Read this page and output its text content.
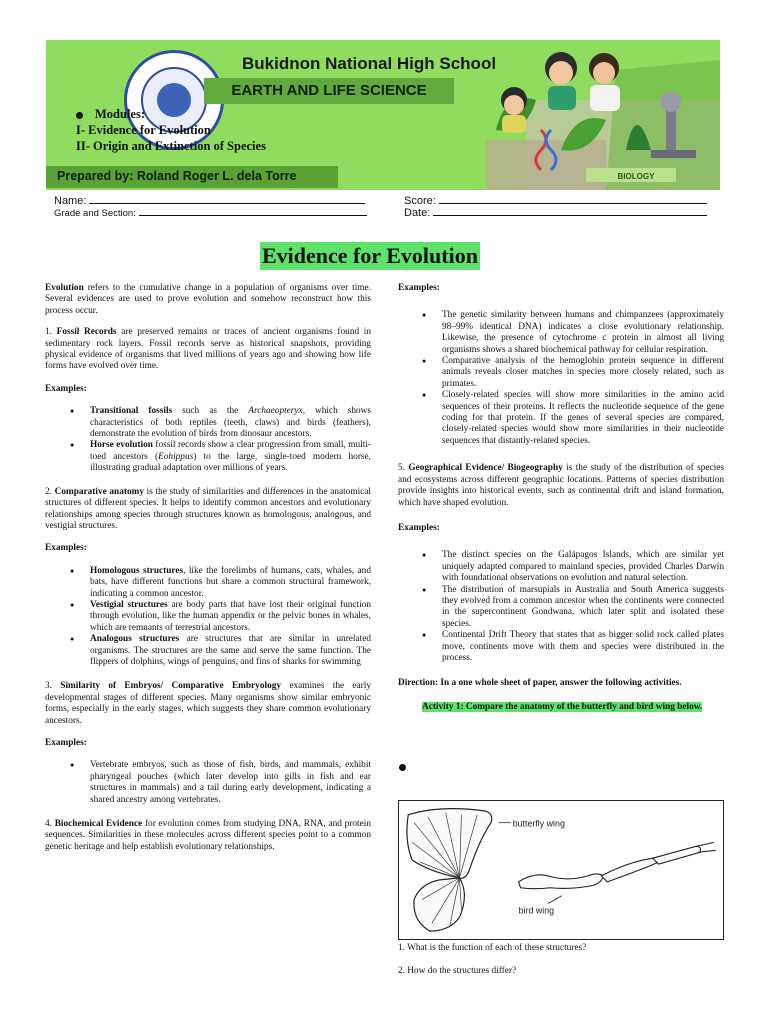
Bukidnon National High School
EARTH AND LIFE SCIENCE
Modules:
I- Evidence for Evolution
II- Origin and Extinction of Species
Prepared by: Roland Roger L. dela Torre	BIOLOGY
Name:
Grade and Section:
Score:
Date:
Evidence for Evolution

Evolution refers to the cumulative change in a population of organisms over time. Several evidences are used to prove evolution and somehow reconstruct how this process occur.

1. Fossil Records are preserved remains or traces of ancient organisms found in sedimentary rock layers. Fossil records serve as historical snapshots, providing physical evidence of organisms that lived millions of years ago and showing how life forms have evolved over time.

Examples:

● Transitional fossils such as the Archaeopteryx, which shows characteristics of both reptiles (teeth, claws) and birds (feathers), demonstrate the evolution of birds from dinosaur ancestors.
● Horse evolution fossil records show a clear progression from small, multi-toed ancestors (Eohippus) to the large, single-toed modern horse, illustrating gradual adaptation over millions of years.

2. Comparative anatomy is the study of similarities and differences in the anatomical structures of different species. It helps to identify common ancestors and evolutionary relationships among species through structures known as homologous, analogous, and vestigial structures.

Examples:

● Homologous structures, like the forelimbs of humans, cats, whales, and bats, have different functions but share a common structural framework, indicating a common ancestor.
● Vestigial structures are body parts that have lost their original function through evolution, like the human appendix or the pelvic bones in whales, which are remnants of terrestrial ancestors.
● Analogous structures are structures that are similar in unrelated organisms. The structures are the same and serve the same function. The flippers of dolphins, wings of penguins, and fins of sharks for swimming

3. Similarity of Embryos/ Comparative Embryology examines the early developmental stages of different species. Many organisms show similar embryonic forms, especially in the early stages, which suggests they share common evolutionary ancestors.

Examples:

● Vertebrate embryos, such as those of fish, birds, and mammals, exhibit pharyngeal pouches (which later develop into gills in fish and ear structures in mammals) and a tail during early development, indicating a shared ancestry among vertebrates.

4. Biochemical Evidence for evolution comes from studying DNA, RNA, and protein sequences. Similarities in these molecules across different species point to a common genetic heritage and help establish evolutionary relationships.

Examples:

● The genetic similarity between humans and chimpanzees (approximately 98–99% identical DNA) indicates a close evolutionary relationship. Likewise, the presence of cytochrome c protein in almost all living organisms shows a shared biochemical pathway for cellular respiration.
● Comparative analysis of the hemoglobin protein sequence in different animals reveals closer matches in species more closely related, such as primates.
● Closely-related species will show more similarities in the amino acid sequences of their proteins. It reflects the nucleotide sequence of the gene coding for that protein. If the genes of several species are compared, closely-related species would show more similarities in their nucleotide sequences that distantly-related species.

5. Geographical Evidence/ Biogeography is the study of the distribution of species and ecosystems across different geographic locations. Patterns of species distribution provide insights into historical events, such as continental drift and island formation, which have shaped evolution.

Examples:

● The distinct species on the Galápagos Islands, which are similar yet uniquely adapted compared to mainland species, provided Charles Darwin with foundational observations on evolution and natural selection.
● The distribution of marsupials in Australia and South America suggests they evolved from a common ancestor when the continents were connected in the supercontinent Gondwana, which later split and isolated these species.
● Continental Drift Theory that states that as bigger solid rock called plates move, continents move with them and species were distributed in the process.

Direction: In a one whole sheet of paper, answer the following activities.

Activity 1: Compare the anatomy of the butterfly and bird wing below.

butterfly wing
bird wing

1. What is the function of each of these structures?

2. How do the structures differ?
